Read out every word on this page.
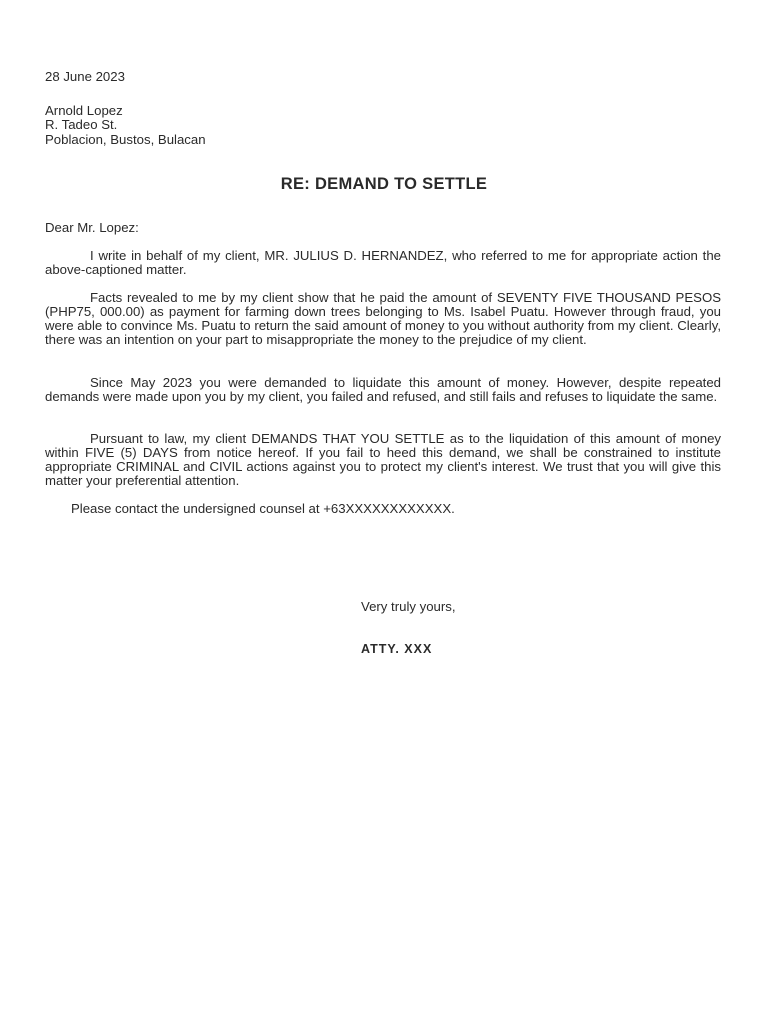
28 June 2023
Arnold Lopez
R. Tadeo St.
Poblacion, Bustos, Bulacan
RE: DEMAND TO SETTLE
Dear Mr. Lopez:
I write in behalf of my client, MR. JULIUS D. HERNANDEZ, who referred to me for appropriate action the above-captioned matter.
Facts revealed to me by my client show that he paid the amount of SEVENTY FIVE THOUSAND PESOS (PHP75, 000.00) as payment for farming down trees belonging to Ms. Isabel Puatu. However through fraud, you were able to convince Ms. Puatu to return the said amount of money to you without authority from my client. Clearly, there was an intention on your part to misappropriate the money to the prejudice of my client.
Since May 2023 you were demanded to liquidate this amount of money. However, despite repeated demands were made upon you by my client, you failed and refused, and still fails and refuses to liquidate the same.
Pursuant to law, my client DEMANDS THAT YOU SETTLE as to the liquidation of this amount of money within FIVE (5) DAYS from notice hereof. If you fail to heed this demand, we shall be constrained to institute appropriate CRIMINAL and CIVIL actions against you to protect my client's interest. We trust that you will give this matter your preferential attention.
Please contact the undersigned counsel at +63XXXXXXXXXXXX.
Very truly yours,
ATTY. XXX
